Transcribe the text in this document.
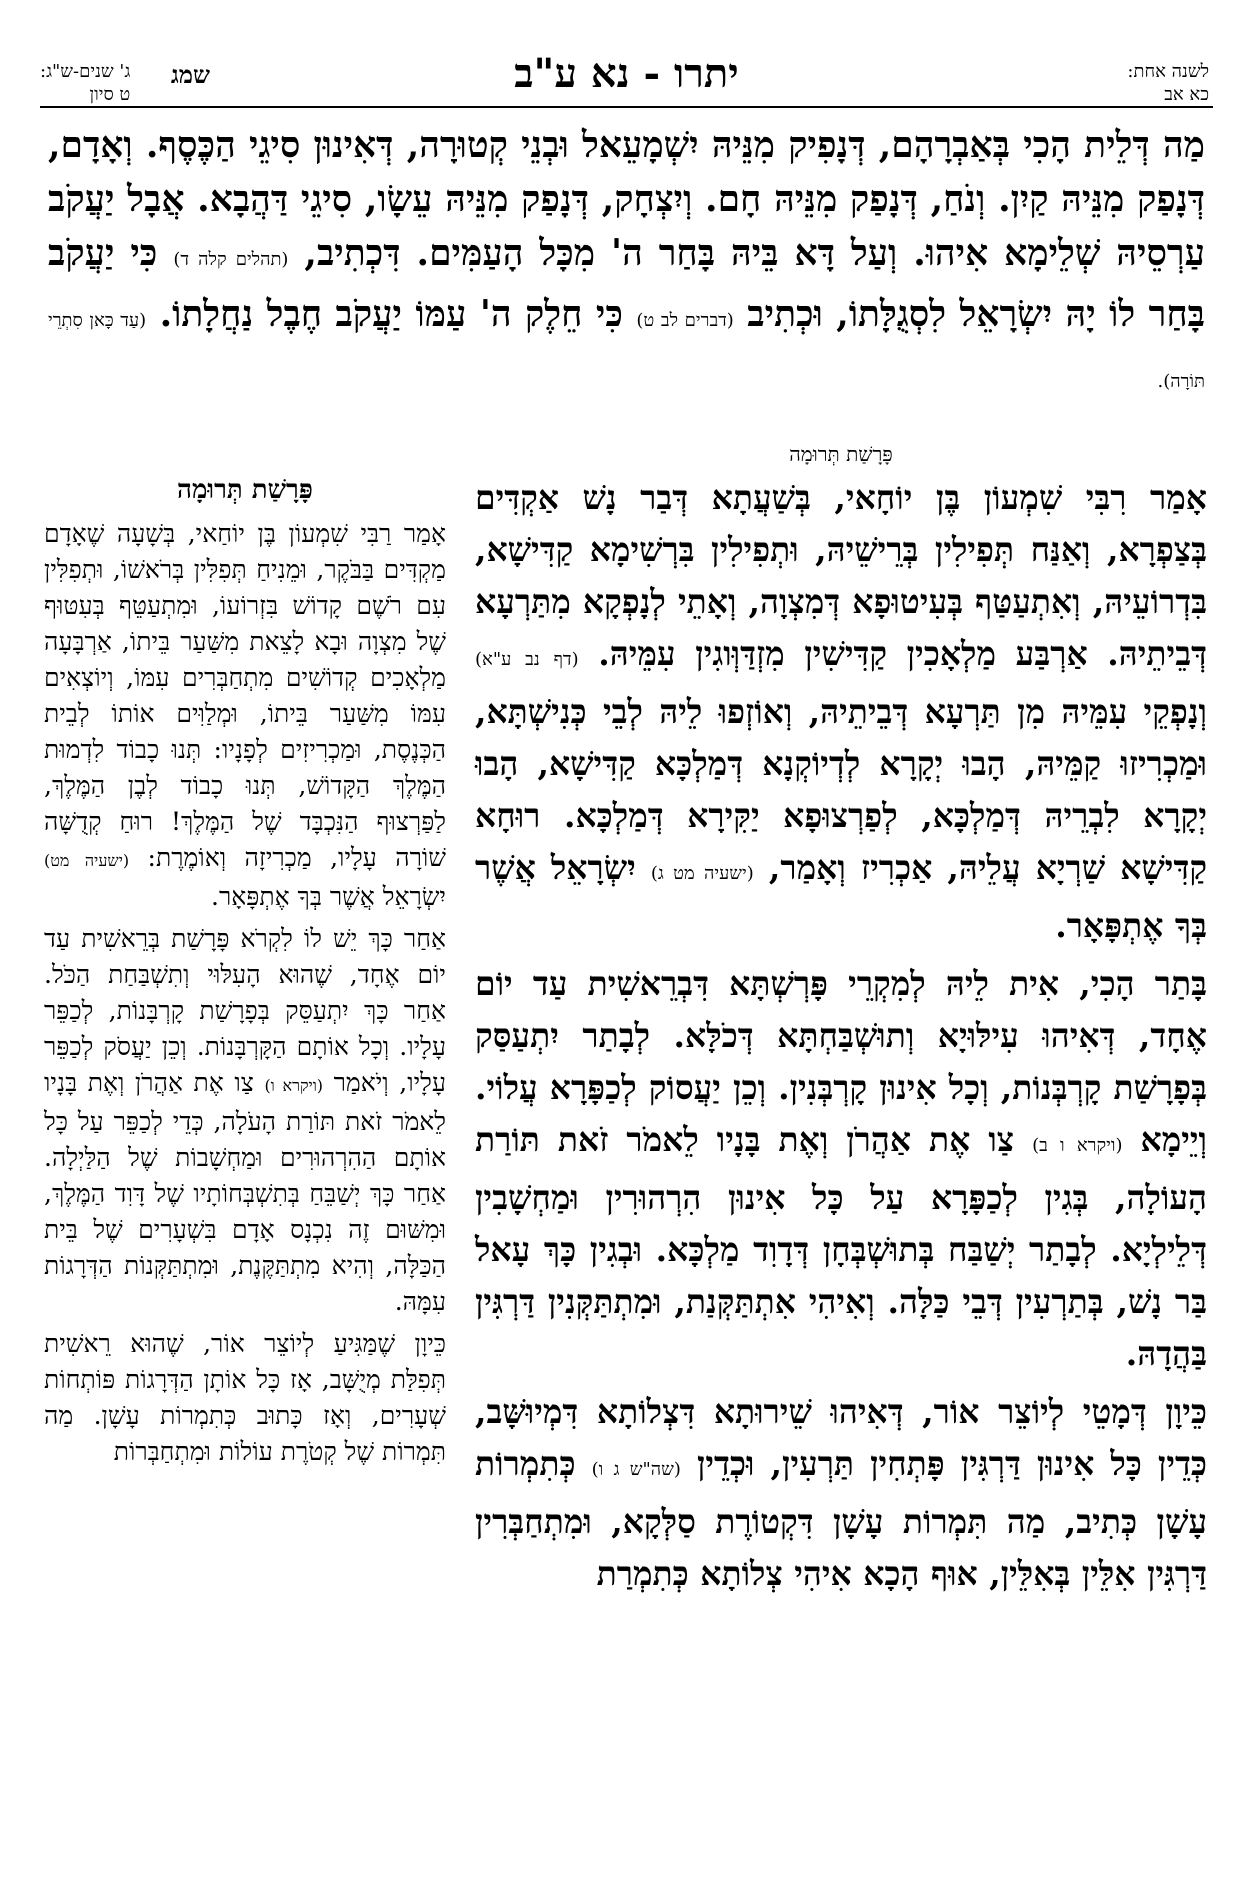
שמג
ג' שנים-ש"ג:
ט סיון	יתרו - נא ע"ב	לשנה אחת:
כא אב
מַה דְּלֵית הָכִי בְּאַבְרָהָם, דְּנָפִיק מִנֵּיהּ יִשְׁמָעֵאל וּבְנֵי קְטוּרָה, דְּאִינוּן סִיגֵי הַכֶּסֶף. וְאָדָם, דְּנָפַק מִנֵּיהּ קַיִן. וְנֹחַ, דְּנָפַק מִנֵּיהּ חָם. וְיִצְחָק, דְּנָפַק מִנֵּיהּ עֵשָׂו, סִיגֵי דַּהֲבָא. אֲבָל יַעֲקֹב עַרְסֵיהּ שְׁלֵימָא אִיהוּ. וְעַל דָּא בֵּיהּ בָּחַר ה' מִכָּל הָעַמִּים. דִּכְתִיב, (תהלים קלה ד) כִּי יַעֲקֹב בָּחַר לוֹ יָהּ יִשְׂרָאֵל לִסְגֻלָּתוֹ, וּכְתִיב (דברים לב ט) כִּי חֵלֶק ה' עַמּוֹ יַעֲקֹב חֶבֶל נַחֲלָתוֹ. (עַד כָּאן סִתְרֵי תּוֹרָה).
פָּרָשַׁת תְּרוּמָה

אָמַר רִבִּי שִׁמְעוֹן בֶּן יוֹחָאי, בְּשַׁעֲתָא דְּבַר נָשׁ אַקְדִּים בְּצַפְרָא, וְאַנַּח תְּפִילִין בְּרֵישֵׁיהּ, וּתְפִילִין בִּרְשִׁימָא קַדִּישָׁא, בִּדְרוֹעֵיהּ, וְאִתְעַטַּף בְּעִיטוּפָא דְּמִצְוָה, וְאָתֵי לְנָפְקָא מִתַּרְעָא דְּבֵיתֵיהּ. אַרְבַּע מַלְאָכִין קַדִּישִׁין מִזְדַּוְּוגִין עִמֵּיהּ. (דף נב ע"א) וְנָפְקֵי עִמֵּיהּ מִן תַּרְעָא דְּבֵיתֵיהּ, וְאוֹזְפוּ לֵיהּ לְבֵי כְּנִישְׁתָּא, וּמַכְרִיזוּ קַמֵּיהּ, הָבוּ יְקָרָא לְדְיוֹקְנָא דְּמַלְכָּא קַדִּישָׁא, הָבוּ יְקָרָא לִבְרֵיהּ דְּמַלְכָּא, לְפַרְצוּפָא יַקִּירָא דְּמַלְכָּא. רוּחָא קַדִּישָׁא שַׁרְיָא עֲלֵיהּ, אַכְרִיז וְאָמַר, (ישעיה מט ג) יִשְׂרָאֵל אֲשֶׁר בְּךָ אֶתְפָּאָר.

בָּתַר הָכִי, אִית לֵיהּ לְמִקְרֵי פָּרְשְׁתָּא דִּבְרֵאשִׁית עַד יוֹם אֶחָד, דְּאִיהוּ עִילּוּיָא וְתוּשְׁבַּחְתָּא דְּכֹלָּא. לְבָתַר יִתְעַסַּק בְּפָרָשַׁת קָרְבְּנוֹת, וְכָל אִינוּן קָרְבְּנִין. וְכֵן יַעֲסוֹק לְכַפָּרָא עֲלוֹי. וְיֵימָא (ויקרא ו ב) צַו אֶת אַהֲרֹן וְאֶת בָּנָיו לֵאמֹר זֹאת תּוֹרַת הָעוֹלָה, בְּגִין לְכַפָּרָא עַל כָּל אִינוּן הִרְהוּרִין וּמַחְשָׁבִין דְּלֵילְיָא. לְבָתַר יְשַׁבַּח בְּתוּשְׁבְּחָן דְּדָוִד מַלְכָּא. וּבְגִין כָּךְ עָאל בַּר נָשׁ, בְּתַרְעִין דְּבֵי כַּלָּה. וְאִיהִי אִתְתַּקְּנַת, וּמִתְתַּקְּנִין דַּרְגִּין בַּהֲדָהּ.

כֵּיוָן דְּמָטֵי לְיוֹצֵר אוֹר, דְּאִיהוּ שֵׁירוּתָא דִּצְלוֹתָא דִּמְיוּשָּׁב, כְּדֵין כָּל אִינוּן דַּרְגִּין פָּתְחִין תַּרְעִין, וּכְדֵין (שה"ש ג ו) כְּתִמְרוֹת עָשָׁן כְּתִיב, מַה תִּמְרוֹת עָשָׁן דִּקְטוֹרֶת סַלְּקָא, וּמִתְחַבְּרִין דַּרְגִּין אִלֵּין בְּאִלֵּין, אוּף הָכָא אִיהִי צְלוֹתָא כְּתִמְרַת

פָּרָשַׁת תְּרוּמָה

אָמַר רַבִּי שִׁמְעוֹן בֶּן יוֹחַאי, בְּשָׁעָה שֶׁאָדָם מַקְדִּים בַּבֹּקֶר, וּמֵנִיחַ תְּפִלִּין בְּרֹאשׁוֹ, וּתְפִלִּין עִם רֹשֶׁם קָדוֹשׁ בִּזְרוֹעוֹ, וּמִתְעַטֵּף בְּעִטּוּף שֶׁל מִצְוָה וּבָא לָצֵאת מִשַּׁעַר בֵּיתוֹ, אַרְבָּעָה מַלְאָכִים קְדוֹשִׁים מִתְחַבְּרִים עִמּוֹ, וְיוֹצְאִים עִמּוֹ מִשַּׁעַר בֵּיתוֹ, וּמְלַוִּים אוֹתוֹ לְבֵית הַכְּנֶסֶת, וּמַכְרִיזִים לְפָנָיו: תְּנוּ כָבוֹד לִדְמוּת הַמֶּלֶךְ הַקָּדוֹשׁ, תְּנוּ כָבוֹד לְבֶן הַמֶּלֶךְ, לַפַּרְצוּף הַנִּכְבָּד שֶׁל הַמֶּלֶךְ! רוּחַ קְדֻשָּׁה שׁוֹרָה עָלָיו, מַכְרִיזָה וְאוֹמֶרֶת: (ישעיה מט) יִשְׂרָאֵל אֲשֶׁר בְּךָ אֶתְפָּאָר.

אַחַר כָּךְ יֵשׁ לוֹ לִקְרֹא פָּרָשַׁת בְּרֵאשִׁית עַד יוֹם אֶחָד, שֶׁהוּא הָעִלּוּי וְתִשְׁבַּחַת הַכֹּל. אַחַר כָּךְ יִתְעַסֵּק בְּפָרָשַׁת קָרְבָּנוֹת, לְכַפֵּר עָלָיו. וְכָל אוֹתָם הַקָּרְבָּנוֹת. וְכֵן יַעֲסֹק לְכַפֵּר עָלָיו, וְיֹאמַר (ויקרא ו) צַו אֶת אַהֲרֹן וְאֶת בָּנָיו לֵאמֹר זֹאת תּוֹרַת הָעֹלָה, כְּדֵי לְכַפֵּר עַל כָּל אוֹתָם הַהִרְהוּרִים וּמַחְשָׁבוֹת שֶׁל הַלַּיְלָה. אַחַר כָּךְ יְשַׁבֵּחַ בְּתִשְׁבְּחוֹתָיו שֶׁל דָּוִד הַמֶּלֶךְ, וּמִשּׁוּם זֶה נִכְנָס אָדָם בִּשְׁעָרִים שֶׁל בֵּית הַכַּלָּה, וְהִיא מִתְתַּקֶּנֶת, וּמִתְתַּקְּנוֹת הַדְּרָגוֹת עִמָּהּ.

כֵּיוָן שֶׁמַּגִּיעַ לְיוֹצֵר אוֹר, שֶׁהוּא רֵאשִׁית תְּפִלַּת מְיֻשָּׁב, אָז כָּל אוֹתָן הַדְּרָגוֹת פּוֹתְחוֹת שְׁעָרִים, וְאָז כָּתוּב כְּתִמְרוֹת עָשָׁן. מַה תִּמְרוֹת שֶׁל קְטֹרֶת עוֹלוֹת וּמִתְחַבְּרוֹת
